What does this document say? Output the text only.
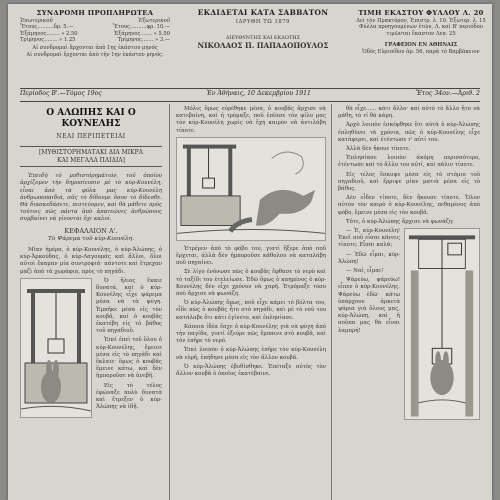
ΣΥΝΔΡΟΜΗ ΠΡΟΠΛΗΡΩΤΕΑ
Ἐσωτερικοῦ	Ἐξωτερικοῦ
Ἔτους..........δρ. 5.—	Ἔτους..........φρ. 10.—
Ἑξάμηνος........ » 2.50	Ἑξάμηνος....... » 5.50
Τρίμηνος........ » 1.25	Τρίμηνος....... » 3.—
Αἱ συνδρομαὶ ἄρχονται ἀπὸ 1ης ἑκάστου μηνός
Αἱ συνδρομαὶ ἔρχονται ἀπὸ τὴν 1ην ἑκάστου μηνός.
ΕΚΔΙΔΕΤΑΙ ΚΑΤΑ ΣΑΒΒΑΤΟΝ
ΙΔΡΥΘΗ ΤΩ 1879
ΔΙΕΥΘΥΝΤΗΣ ΚΑΙ ΕΚΔΟΤΗΣ
ΝΙΚΟΛΑΟΣ Π. ΠΑΠΑΔΟΠΟΥΛΟΣ
ΤΙΜΗ ΕΚΑΣΤΟΥ ΦΥΛΛΟΥ Λ. 20
Δεὶ τὸν Πρακτόρον, Ἐπιστρ. λ. 10. Ἐξωτερ. λ. 15
Φύλλα προηγουμένων ἐτῶν, Λ. καὶ Β' περιόδου
τιμῶνται ἕκαστον Λεπ. 25
ΓΡΑΦΕΙΟΝ ΕΝ ΑΘΗΝΑΙΣ
Ὁδὸς Εὐριπίδου ἀρ. 56, παρὰ τὸ Βαρβάκειον
Περίοδος Β'.—Τόμος 19ος	Ἐν Ἀθήναις, 10 Δεκεμβρίου 1911	Ἔτος 34ον.—Ἀριθ. 2
Ο ΑΛΩΠΗΣ ΚΑΙ Ο ΚΟΥΝΕΛΗΣ
ΝΕΑΙ ΠΕΡΙΠΕΤΕΙΑΙ
[ΜΥΘΙΣΤΟΡΗΜΑΤΑΚΙ ΔΙΑ ΜΙΚΡΑ
ΚΑΙ ΜΕΓΑΛΑ ΠΑΙΔΙΑ]

Ἐπειδὴ τὸ μυθιστόρημάτιόν, τοῦ ὁποίου ἀρχίζομεν τὴν δημοσίευσιν μὲ τὸ κύρ-Κουνέλη, εἶναι ἀπὸ τὰ φύλα μας κύρ-Κουνέλη ἀνθρωποπαιδιά, σᾶς τὸ δίδουμε ὅσον τὸ δίδεσθε. Θὰ διασκεδάσετε, πιστεύομεν, καὶ θὰ μάθετε πρὸς τούτοις πῶς πάντα ἀπὸ ἀπατεῶνες ἀνθρώπους συμβαίνει νὰ γίνονται ὄχι καλοί.

ΚΕΦΑΛΑΙΟΝ Α'.
Τὸ Ψάρεμα τοῦ κύρ-Κουνέλη.

Μίαν ἡμέρα, ὁ κύρ-Κουνέλης, ὁ κύρ-Ἀλώπης, ὁ κύρ-Ἀρκούδας, ὁ κύρ-Λαγουμάς καὶ ἄλλοι, ὅλοι αὐτοὶ ἔκαμαν μία συντροφιά· πάντοτε καὶ ἔτρεχαν μαζὶ ἀπὸ τὰ χωράφια, πρὸς τὸ πηγάδι.

Ὁ ἥλιος ἔκαιε δυνατά, καὶ ὁ κύρ-Κουνέλης εἶχε ψάρεμα μέσα νὰ τὰ φύγη. Ἐμπῆκε μέσα εἰς τὸν κουβᾶ, καὶ ὁ κουβᾶς ἐκατέβη εἰς τὸ βάθος τοῦ πηγαδιοῦ.

Ἐπεὶ ἐπεὶ τοῦ ὅλου ὁ κύρ-Κουνέλης, ἔμεινε μέσα εἰς τὸ πηγάδι καὶ ἔκλαιε· ὅμως ὁ κουβᾶς ἔμεινε κάτω, καὶ δὲν ἠμποροῦσε νὰ ἀνεβῆ.

Εἰς τὸ τέλος ἐφώναξε πολὺ δυνατὰ καὶ ἔτρεξεν ὁ κύρ-Ἀλώπης νὰ ἰδῆ.

Μόλις ὅμως εὑρέθηκε μέσα, ὁ κουβᾶς ἄρχισε νὰ κατεβαίνη, καὶ ἡ τρόμαξε, ποῦ ἐπίασε τὸν φίλο μας τὸν κύρ-Κουνέλη χωρὶς νὰ ἔχη καιρὸν νὰ ἀντιλάβη τίποτε.

Ἐτρέμεν ἀπὸ τὸ φόβο του, γιατὶ ἤξερε ἀπὸ ποῦ ἔρχεται, ἀλλὰ δὲν ἠμποροῦσε κάθολου νὰ καταλάβη ποῦ πηγαίνει.

Σὲ λίγο ἐνόνωσε πῶς ὁ κουβᾶς ἔφθασε τὸ νερὸ καὶ τὸ ταξίδι του ἐτελείωσε. Ἐδῶ ὅμως ὁ καημένος ὁ κύρ-Κουνέλης δὲν εἶχε χρόνον νὰ χαρῆ. Ἐτρόμαξε τόσο ποὺ ἄρχισε νὰ φωνάζη.

Ὁ κύρ-Ἀλώπης ὅμως, ποῦ εἶχε κάμει τὸ βόλτα του, εἶδε πῶς ὁ κουβᾶς ἦτο στὸ πηγάδι, καὶ μὲ τὸ νοῦ του κατάλαβε ὅτι κάτι ἐγίνετο, καὶ ἐπλησίασε.

Κάποια ἰδέα ἔσχε ὁ κύρ-Κουνέλης γιὰ νὰ φύγη ἀπὸ τὴν παγίδα, γιατὶ ἐξεύρε πῶς ἔμπαινε στὸ κουβᾶ, καὶ τὸν ἐπῆρε τὸ νερό.

Ἐπεὶ λοιπὸν ὁ κύρ-Ἀλώπης ἐπῆρε τὸν κύρ-Κουνέλη νὰ εὑρῆ, ἐπήδησε μέσα εἰς τὸν ἄλλον κουβᾶ.

Ὁ κύρ-Ἀλώπης ἐβυθίσθηκε. Ἐπέταξε αὐτὸς τὸν ἄλλον κουβᾶ ὁ ὁποῖος ἐκατέβαινε.

θὰ εἶχε...... κάτι ἄλλο· καὶ αὐτὸ τὸ ἄλλο ἤτο νὰ μάθη, τὸ τί θὰ κάμη.

Ἀρχὸ λοιπὸν ἐσκέφθηκε ὅτι αὐτὰ ὁ κύρ-Ἀλώπης ἐπληθύνει τὰ χρόνια, πῶς ὁ κύρ-Κουνέλης εἶχε κατάφερει, καὶ ἐτέντωσε τ' αὐτί του.

Ἀλλὰ δὲν ἤκουε τίποτε.

Ἐπλησίασε λοιπὸν ἀκόμη περισσότερο, ἐτέντωσε καὶ τὸ ἄλλο του αὐτί, καὶ πάλιν τίποτε.

Εἰς τέλος ἔσκυψε μέσα εἰς τὸ στόμιο τοῦ πηγαδιοῦ, καὶ ἔρριψε μίαν ματιὰ μέσα εἰς τὸ βάθος.

Δὲν εἶδεν τίποτε, δὲν ἤκουσε τίποτε. Ὅλον αὐτὸν τὸν καιρὸ ὁ κύρ-Κουνέλης, πεθαμένος ἀπὸ φόβο, ἔμεινε μέσα εἰς τὸν κουβᾶ.

Τότε, ὁ κύρ-Ἀλώπης ἄρχισε νὰ φωνάζη:

— Ἐ, κύρ-Κουνέλη! Ἐκεῖ ποῦ εἶσαι κάνεις τίποτε; Εἶσαι καλά;

— Ἐδῶ εἶμαι, κύρ-Ἀλώπη!

— Ναί, εἶμαι!

Ψάρεύω, ψάρεύω! εἶπεν ὁ κύρ-Κουνέλης. Ψάρεύω ἐδῶ· κάτω ὑπάρχουν ἀρκετὰ ψάρια γιὰ ὅλους μας, κύρ-Ἀλώπη, καὶ ἡ σοῦπα μας θὰ εἶναι λαμπρή!
